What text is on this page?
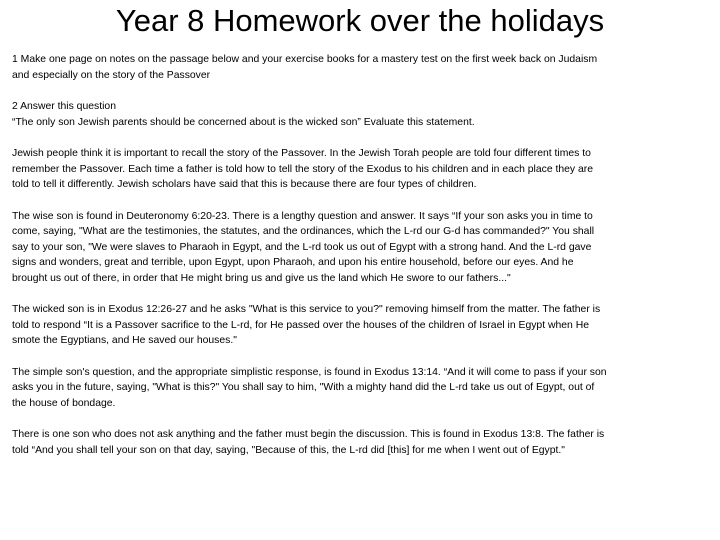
Year 8 Homework over the holidays

1 Make one page on notes on the passage below and your exercise books for a mastery test on the first week back on Judaism
and especially on the story of the Passover

2 Answer this question
“The only son Jewish parents should be concerned about is the wicked son” Evaluate this statement.

Jewish people think it is important to recall the story of the Passover. In the Jewish Torah people are told four different times to
remember the Passover. Each time a father is told how to tell the story of the Exodus to his children and in each place they are
told to tell it differently. Jewish scholars have said that this is because there are four types of children.

The wise son is found in Deuteronomy 6:20-23. There is a lengthy question and answer. It says “If your son asks you in time to
come, saying, "What are the testimonies, the statutes, and the ordinances, which the L-rd our G‑d has commanded?" You shall
say to your son, "We were slaves to Pharaoh in Egypt, and the L-rd took us out of Egypt with a strong hand. And the L-rd gave
signs and wonders, great and terrible, upon Egypt, upon Pharaoh, and upon his entire household, before our eyes. And he
brought us out of there, in order that He might bring us and give us the land which He swore to our fathers..."

The wicked son is in Exodus 12:26-27 and he asks "What is this service to you?" removing himself from the matter. The father is
told to respond “It is a Passover sacrifice to the L-rd, for He passed over the houses of the children of Israel in Egypt when He
smote the Egyptians, and He saved our houses."

The simple son's question, and the appropriate simplistic response, is found in Exodus 13:14. “And it will come to pass if your son
asks you in the future, saying, "What is this?" You shall say to him, "With a mighty hand did the L-rd take us out of Egypt, out of
the house of bondage.

There is one son who does not ask anything and the father must begin the discussion. This is found in Exodus 13:8. The father is
told “And you shall tell your son on that day, saying, "Because of this, the L-rd did [this] for me when I went out of Egypt."
